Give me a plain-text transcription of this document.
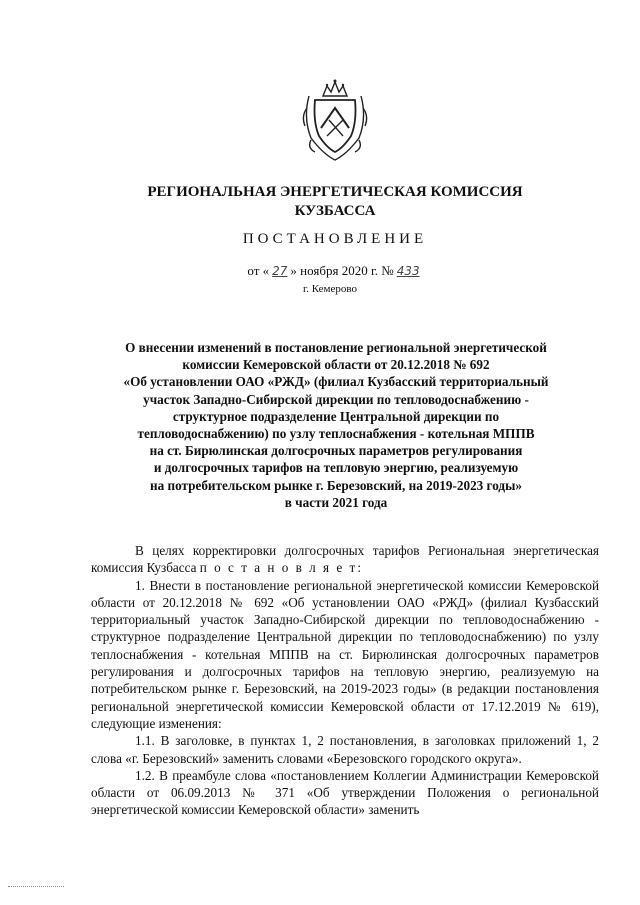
РЕГИОНАЛЬНАЯ ЭНЕРГЕТИЧЕСКАЯ КОМИССИЯ
КУЗБАССА
ПОСТАНОВЛЕНИЕ
от « 27 » ноября 2020 г. № 433
г. Кемерово
О внесении изменений в постановление региональной энергетической
комиссии Кемеровской области от 20.12.2018 № 692
«Об установлении ОАО «РЖД» (филиал Кузбасский территориальный
участок Западно-Сибирской дирекции по тепловодоснабжению -
структурное подразделение Центральной дирекции по
тепловодоснабжению) по узлу теплоснабжения - котельная МППВ
на ст. Бирюлинская долгосрочных параметров регулирования
и долгосрочных тарифов на тепловую энергию, реализуемую
на потребительском рынке г. Березовский, на 2019-2023 годы»
в части 2021 года

В целях корректировки долгосрочных тарифов Региональная энергетическая комиссия Кузбасса п о с т а н о в л я е т:

1. Внести в постановление региональной энергетической комиссии Кемеровской области от 20.12.2018 № 692 «Об установлении ОАО «РЖД» (филиал Кузбасский территориальный участок Западно-Сибирской дирекции по тепловодоснабжению - структурное подразделение Центральной дирекции по тепловодоснабжению) по узлу теплоснабжения - котельная МППВ на ст. Бирюлинская долгосрочных параметров регулирования и долгосрочных тарифов на тепловую энергию, реализуемую на потребительском рынке г. Березовский, на 2019-2023 годы» (в редакции постановления региональной энергетической комиссии Кемеровской области от 17.12.2019 № 619), следующие изменения:

1.1. В заголовке, в пунктах 1, 2 постановления, в заголовках приложений 1, 2 слова «г. Березовский» заменить словами «Березовского городского округа».

1.2. В преамбуле слова «постановлением Коллегии Администрации Кемеровской области от 06.09.2013 № 371 «Об утверждении Положения о региональной энергетической комиссии Кемеровской области» заменить
